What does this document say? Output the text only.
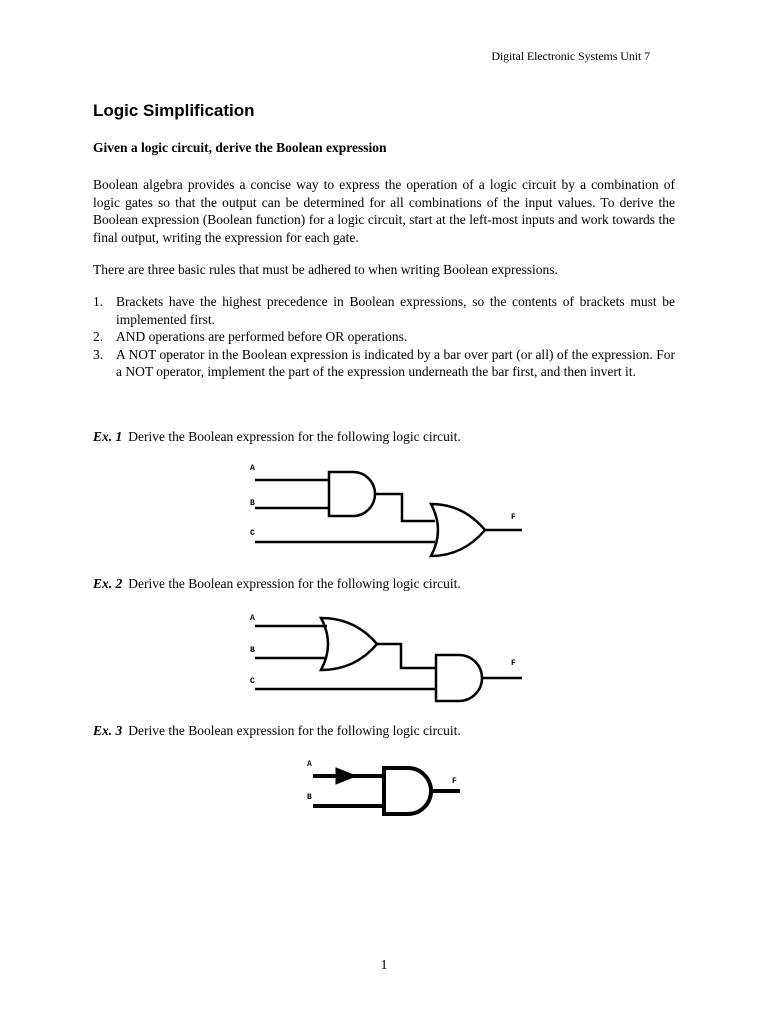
Digital Electronic Systems Unit 7
Logic Simplification
Given a logic circuit, derive the Boolean expression
Boolean algebra provides a concise way to express the operation of a logic circuit by a combination of logic gates so that the output can be determined for all combinations of the input values. To derive the Boolean expression (Boolean function) for a logic circuit, start at the left-most inputs and work towards the final output, writing the expression for each gate.
There are three basic rules that must be adhered to when writing Boolean expressions.
1. Brackets have the highest precedence in Boolean expressions, so the contents of brackets must be implemented first.
2. AND operations are performed before OR operations.
3. A NOT operator in the Boolean expression is indicated by a bar over part (or all) of the expression. For a NOT operator, implement the part of the expression underneath the bar first, and then invert it.
Ex. 1 Derive the Boolean expression for the following logic circuit.
A
B
C
F
Ex. 2 Derive the Boolean expression for the following logic circuit.
A
B
C
F
Ex. 3 Derive the Boolean expression for the following logic circuit.
A
B
F
1
